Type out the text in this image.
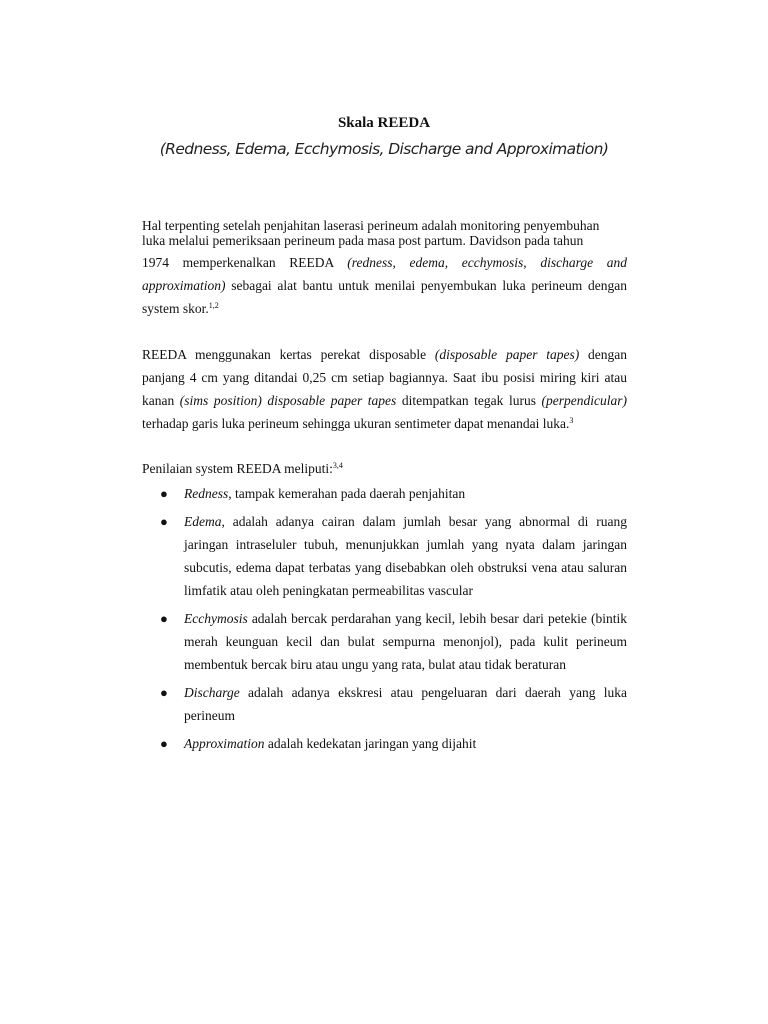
Skala REEDA
(Redness, Edema, Ecchymosis, Discharge and Approximation)
Hal terpenting setelah penjahitan laserasi perineum adalah monitoring penyembuhan
luka melalui pemeriksaan perineum pada masa post partum. Davidson pada tahun
1974 memperkenalkan REEDA (redness, edema, ecchymosis, discharge and approximation) sebagai alat bantu untuk menilai penyembukan luka perineum dengan system skor.$^{1,2}$
REEDA menggunakan kertas perekat disposable (disposable paper tapes) dengan panjang 4 cm yang ditandai 0,25 cm setiap bagiannya. Saat ibu posisi miring kiri atau kanan (sims position) disposable paper tapes ditempatkan tegak lurus (perpendicular) terhadap garis luka perineum sehingga ukuran sentimeter dapat menandai luka.$^3$
Penilaian system REEDA meliputi:$^{3,4}$
● Redness, tampak kemerahan pada daerah penjahitan
● Edema, adalah adanya cairan dalam jumlah besar yang abnormal di ruang jaringan intraseluler tubuh, menunjukkan jumlah yang nyata dalam jaringan subcutis, edema dapat terbatas yang disebabkan oleh obstruksi vena atau saluran limfatik atau oleh peningkatan permeabilitas vascular
● Ecchymosis adalah bercak perdarahan yang kecil, lebih besar dari petekie (bintik merah keunguan kecil dan bulat sempurna menonjol), pada kulit perineum membentuk bercak biru atau ungu yang rata, bulat atau tidak beraturan
● Discharge adalah adanya ekskresi atau pengeluaran dari daerah yang luka perineum
● Approximation adalah kedekatan jaringan yang dijahit
